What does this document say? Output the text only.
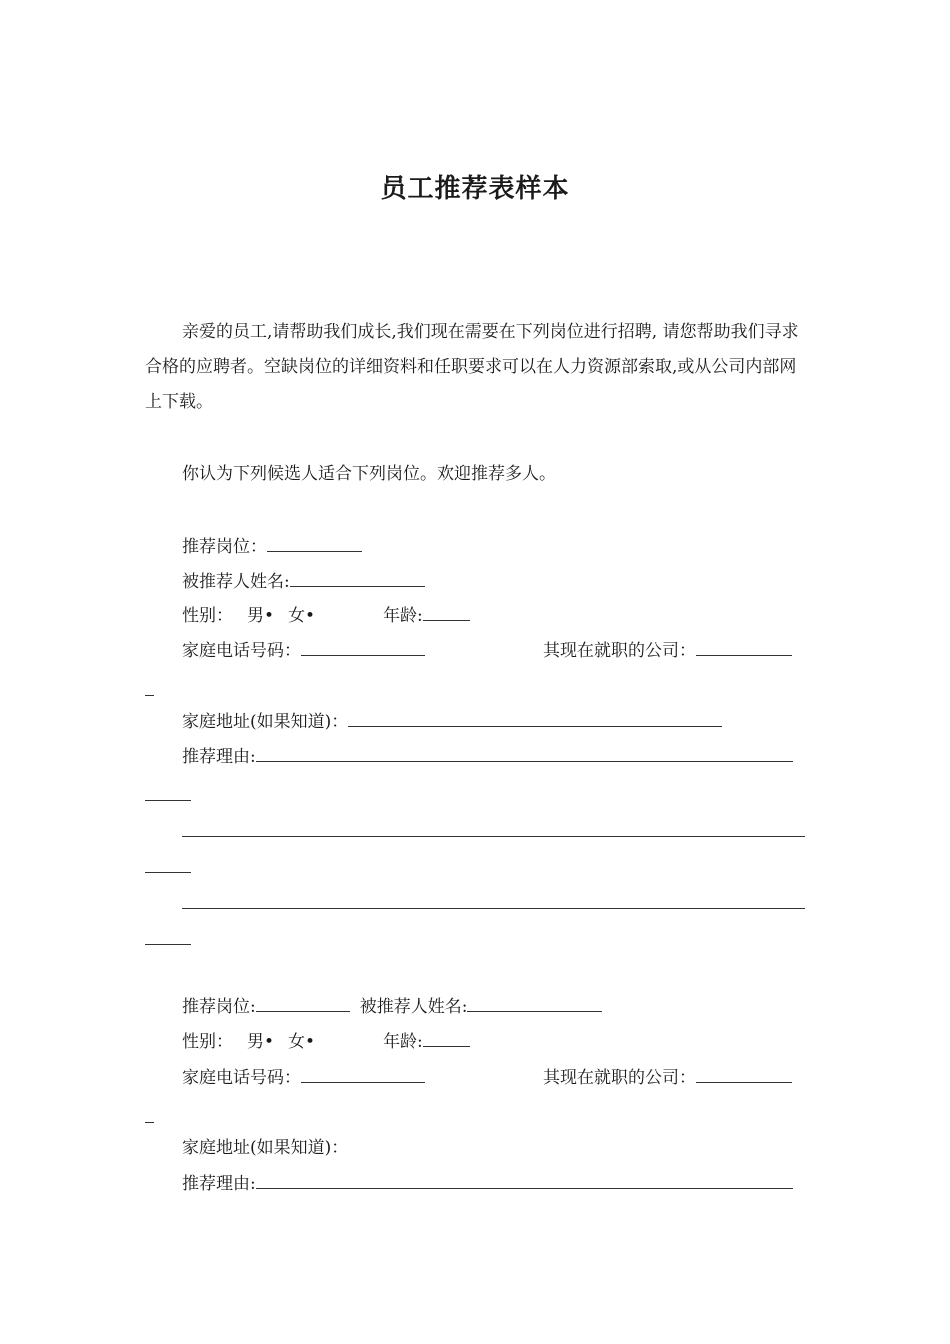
员工推荐表样本
亲爱的员工,请帮助我们成长,我们现在需要在下列岗位进行招聘, 请您帮助我们寻求合格的应聘者。空缺岗位的详细资料和任职要求可以在人力资源部索取,或从公司内部网上下载。
你认为下列候选人适合下列岗位。欢迎推荐多人。
推荐岗位：
被推荐人姓名:
性别： 男• 女•	年龄:
家庭电话号码：	其现在就职的公司：
家庭地址(如果知道)：
推荐理由:
推荐岗位:	被推荐人姓名:
性别： 男• 女•	年龄:
家庭电话号码：	其现在就职的公司：
家庭地址(如果知道)：
推荐理由:
